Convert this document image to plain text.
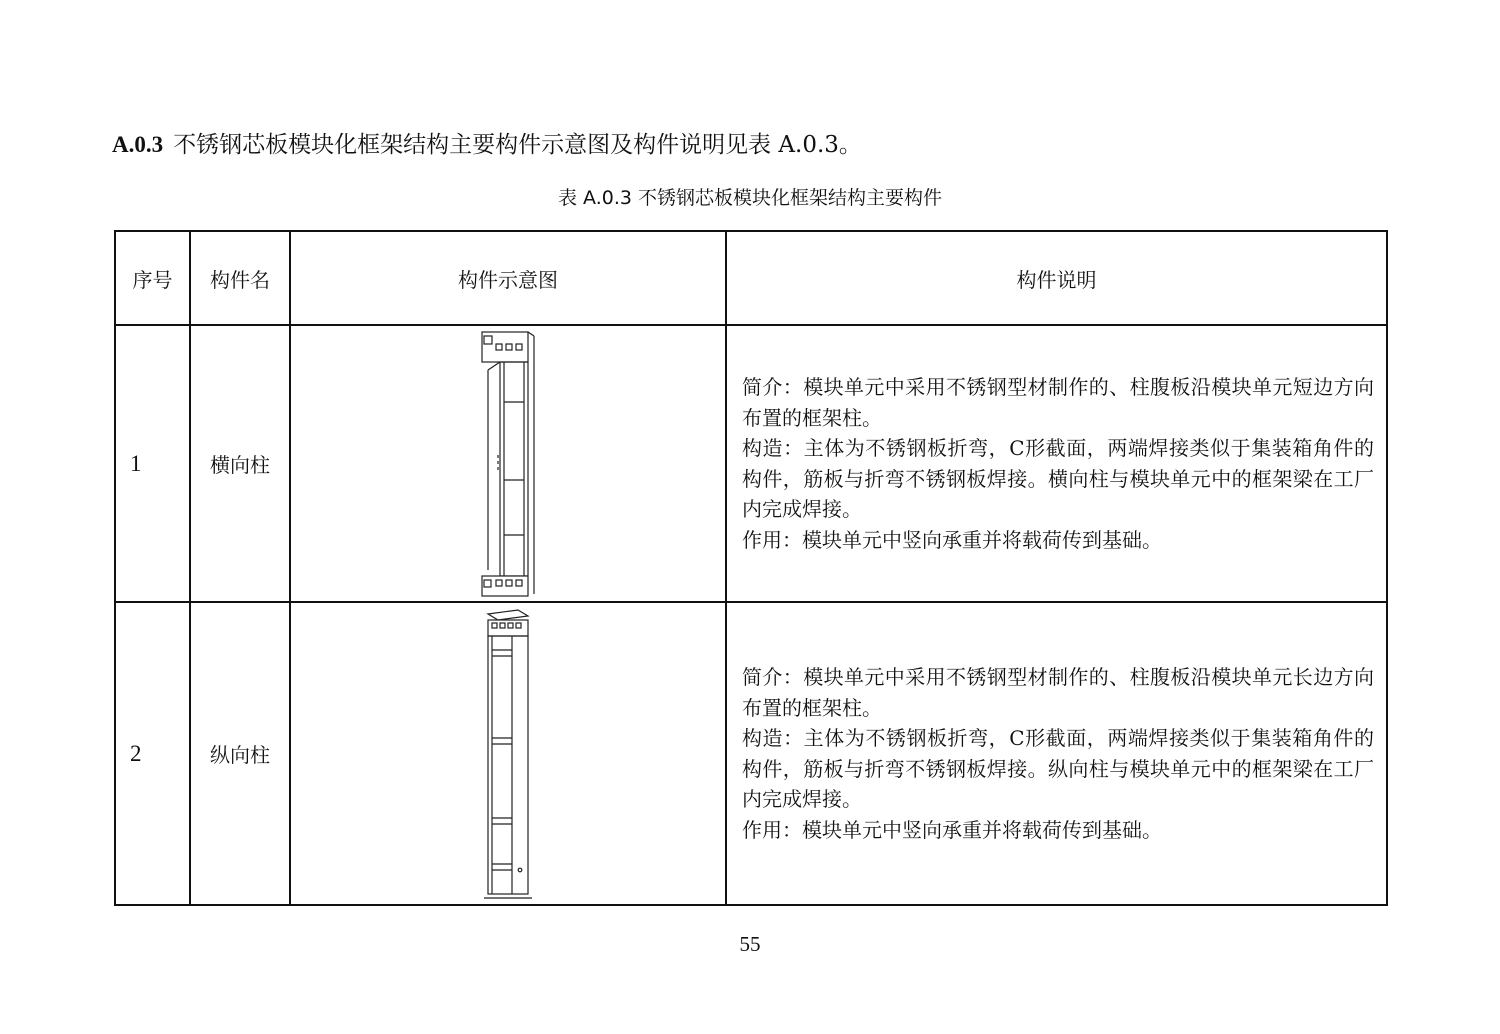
A.0.3 不锈钢芯板模块化框架结构主要构件示意图及构件说明见表 A.0.3。
表 A.0.3 不锈钢芯板模块化框架结构主要构件
序号	构件名	构件示意图	构件说明
1	横向柱		简介：模块单元中采用不锈钢型材制作的、柱腹板沿模块单元短边方向布置的框架柱。

构造：主体为不锈钢板折弯，C形截面，两端焊接类似于集装箱角件的构件，筋板与折弯不锈钢板焊接。横向柱与模块单元中的框架梁在工厂内完成焊接。

作用：模块单元中竖向承重并将载荷传到基础。

2	纵向柱		简介：模块单元中采用不锈钢型材制作的、柱腹板沿模块单元长边方向布置的框架柱。

构造：主体为不锈钢板折弯，C形截面，两端焊接类似于集装箱角件的构件，筋板与折弯不锈钢板焊接。纵向柱与模块单元中的框架梁在工厂内完成焊接。

作用：模块单元中竖向承重并将载荷传到基础。

55
